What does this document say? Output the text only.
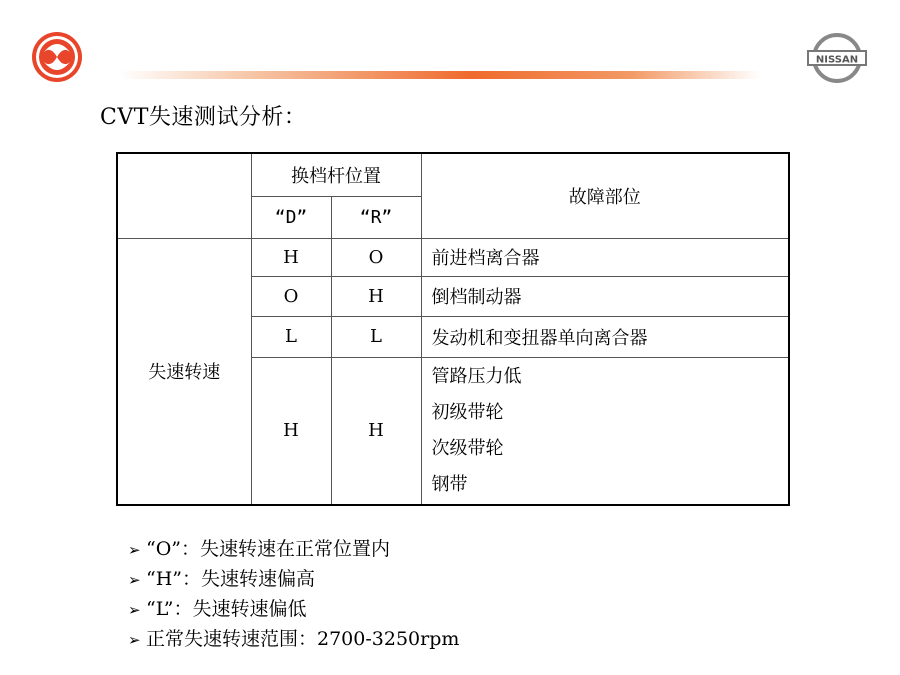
NISSAN
CVT失速测试分析：
	换档杆位置		故障部位
	“D”	“R”	
失速转速	H	O	前进档离合器
	O	H	倒档制动器
	L	L	发动机和变扭器单向离合器
	H	H	管路压力低
初级带轮
次级带轮
钢带
➢ “O”：失速转速在正常位置内
➢ “H”：失速转速偏高
➢ “L”：失速转速偏低
➢ 正常失速转速范围：2700-3250rpm
